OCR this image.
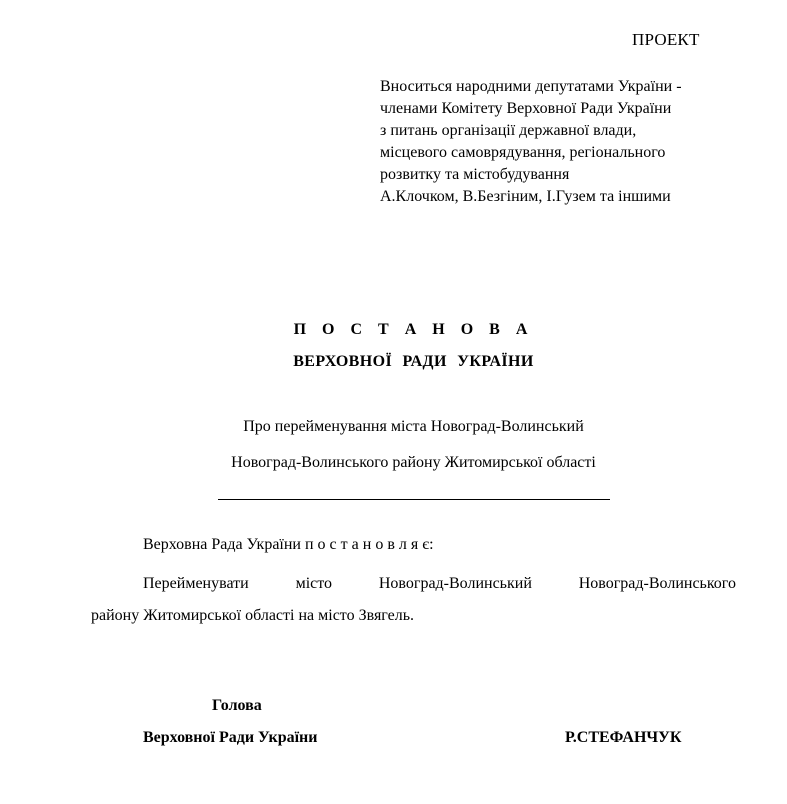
ПРОЕКТ
Вноситься народними депутатами України -
членами Комітету Верховної Ради України
з питань організації державної влади,
місцевого самоврядування, регіонального
розвитку та містобудування
А.Клочком, В.Безгіним, І.Гузем та іншими
П О С Т А Н О В А
ВЕРХОВНОЇ РАДИ УКРАЇНИ
Про перейменування міста Новоград-Волинський
Новоград-Волинського району Житомирської області
Верховна Рада України п о с т а н о в л я є:
Перейменувати	місто	Новоград-Волинський	Новоград-Волинського
району Житомирської області на місто Звягель.
Голова
Верховної Ради України	Р.СТЕФАНЧУК
